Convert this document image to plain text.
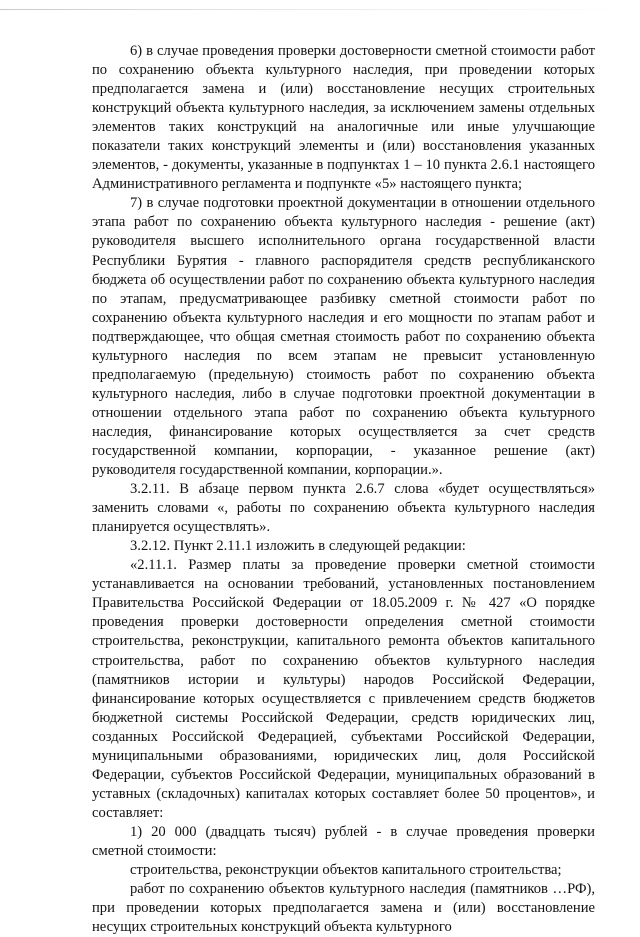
6) в случае проведения проверки достоверности сметной стоимости работ по сохранению объекта культурного наследия, при проведении которых предполагается замена и (или) восстановление несущих строительных конструкций объекта культурного наследия, за исключением замены отдельных элементов таких конструкций на аналогичные или иные улучшающие показатели таких конструкций элементы и (или) восстановления указанных элементов, - документы, указанные в подпунктах 1 – 10 пункта 2.6.1 настоящего Административного регламента и подпункте «5» настоящего пункта;

7) в случае подготовки проектной документации в отношении отдельного этапа работ по сохранению объекта культурного наследия - решение (акт) руководителя высшего исполнительного органа государственной власти Республики Бурятия - главного распорядителя средств республиканского бюджета об осуществлении работ по сохранению объекта культурного наследия по этапам, предусматривающее разбивку сметной стоимости работ по сохранению объекта культурного наследия и его мощности по этапам работ и подтверждающее, что общая сметная стоимость работ по сохранению объекта культурного наследия по всем этапам не превысит установленную предполагаемую (предельную) стоимость работ по сохранению объекта культурного наследия, либо в случае подготовки проектной документации в отношении отдельного этапа работ по сохранению объекта культурного наследия, финансирование которых осуществляется за счет средств государственной компании, корпорации, - указанное решение (акт) руководителя государственной компании, корпорации.».

3.2.11. В абзаце первом пункта 2.6.7 слова «будет осуществляться» заменить словами «, работы по сохранению объекта культурного наследия планируется осуществлять».

3.2.12. Пункт 2.11.1 изложить в следующей редакции:

«2.11.1. Размер платы за проведение проверки сметной стоимости устанавливается на основании требований, установленных постановлением Правительства Российской Федерации от 18.05.2009 г. № 427 «О порядке проведения проверки достоверности определения сметной стоимости строительства, реконструкции, капитального ремонта объектов капитального строительства, работ по сохранению объектов культурного наследия (памятников истории и культуры) народов Российской Федерации, финансирование которых осуществляется с привлечением средств бюджетов бюджетной системы Российской Федерации, средств юридических лиц, созданных Российской Федерацией, субъектами Российской Федерации, муниципальными образованиями, юридических лиц, доля Российской Федерации, субъектов Российской Федерации, муниципальных образований в уставных (складочных) капиталах которых составляет более 50 процентов», и составляет:

1) 20 000 (двадцать тысяч) рублей - в случае проведения проверки сметной стоимости:

строительства, реконструкции объектов капитального строительства;

работ по сохранению объектов культурного наследия (памятников …РФ), при проведении которых предполагается замена и (или) восстановление несущих строительных конструкций объекта культурного
